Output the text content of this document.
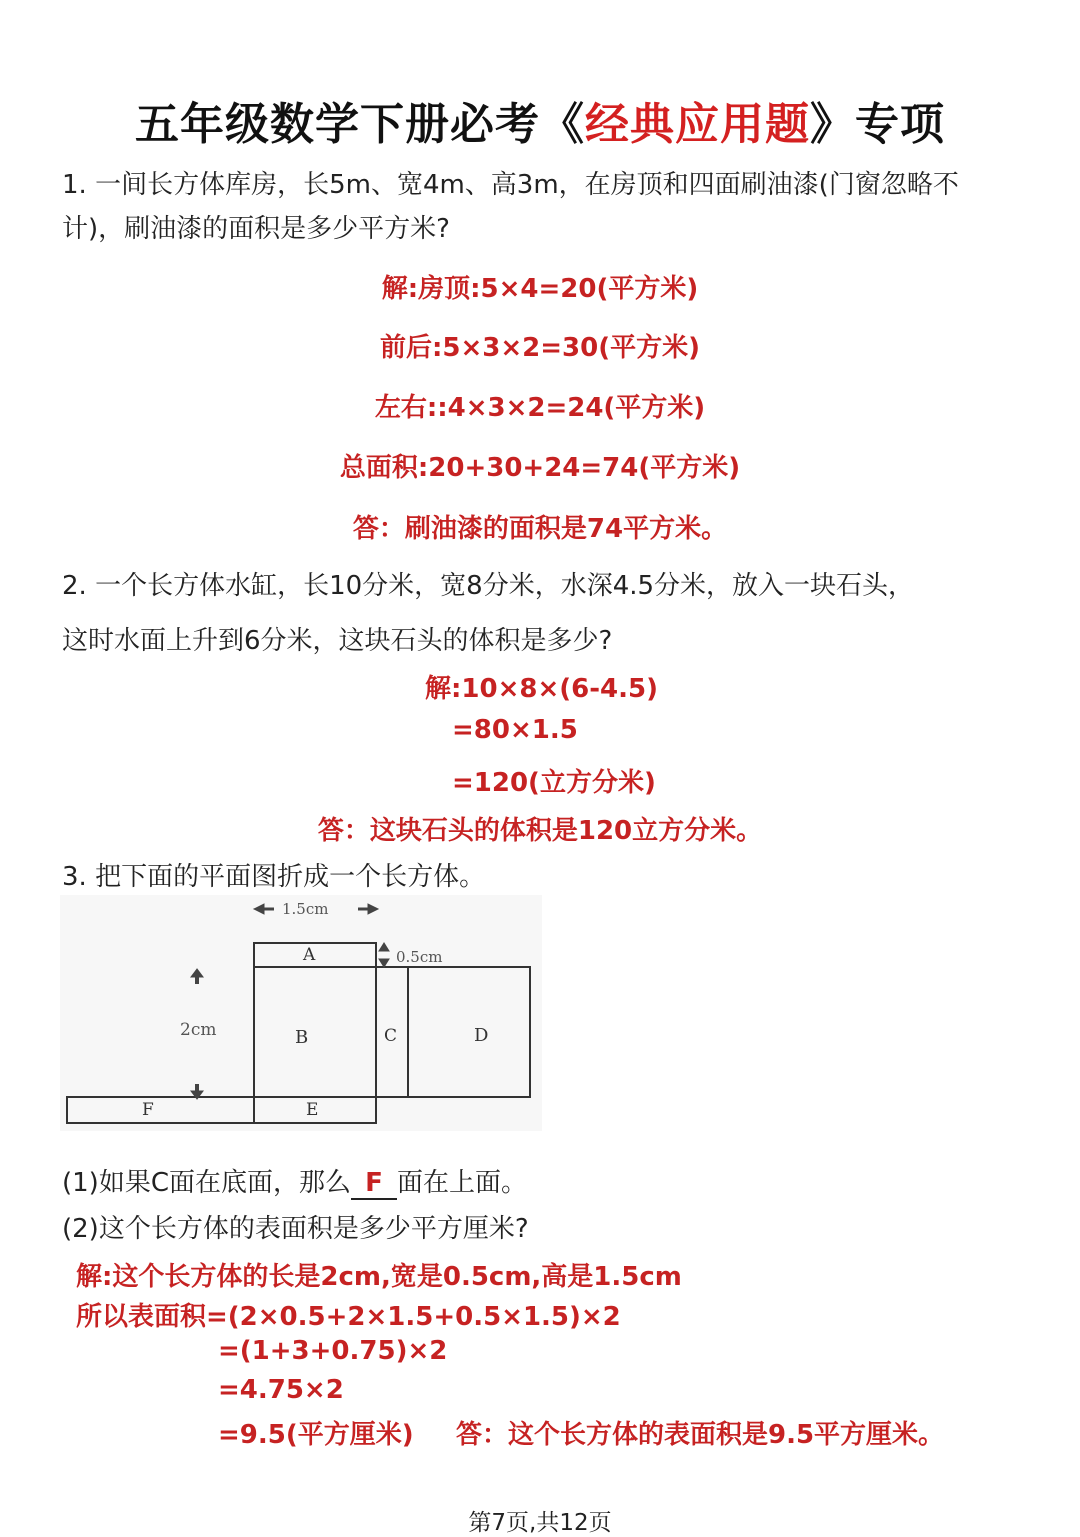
五年级数学下册必考《经典应用题》专项
1. 一间长方体库房，长5m、宽4m、高3m，在房顶和四面刷油漆(门窗忽略不
计)，刷油漆的面积是多少平方米?
解:房顶:5×4=20(平方米)
前后:5×3×2=30(平方米)
左右::4×3×2=24(平方米)
总面积:20+30+24=74(平方米)
答：刷油漆的面积是74平方米。
2. 一个长方体水缸，长10分米，宽8分米，水深4.5分米，放入一块石头，
这时水面上升到6分米，这块石头的体积是多少?
解:10×8×(6-4.5)
=80×1.5
=120(立方分米)
答：这块石头的体积是120立方分米。
3. 把下面的平面图折成一个长方体。
1.5cm
A
B	C	D
E
F
0.5cm
2cm
(1)如果C面在底面，那么 F 面在上面。
(2)这个长方体的表面积是多少平方厘米?
解:这个长方体的长是2cm,宽是0.5cm,高是1.5cm
所以表面积=(2×0.5+2×1.5+0.5×1.5)×2
=(1+3+0.75)×2
=4.75×2
=9.5(平方厘米) 答：这个长方体的表面积是9.5平方厘米。
第7页,共12页
